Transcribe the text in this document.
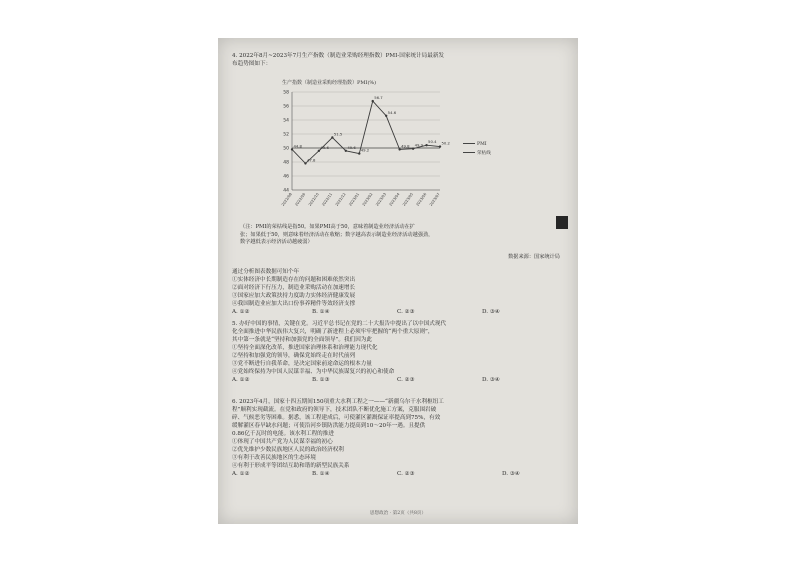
4. 2022年8月~2023年7月生产指数（制造业采购经理指数）PMI-国家统计局最新发
布趋势图如下：
生产指数（制造业采购经理指数）PMI(%)
44
46
48
50
52
54
56
58
2022/08 2022/09 2022/10 2022/11 2022/12 2023/01 2023/02 2023/03 2023/04 2023/05 2023/06 2023/07
44.8
47.8
49.6
51.5
49.6
49.2
56.7
54.6
49.8 49.9
50.4 50.2	PMI
荣枯线
（注：PMI的荣枯线是指50。如果PMI高于50，意味着制造业经济活动在扩
张；如果低于50，则意味着经济活动在收缩；数字越高表示制造业经济活动越强劲，
数字越低表示经济活动越疲弱）
数据来源：国家统计局
通过分析图表数据可知个年
①实体经济中长期制造存在的问题和困难依然突出
②面对经济下行压力，制造业采购活动在加速增长
③国家应加大政策扶持力度助力实体经济健康发展
④我国制造业应加大出口份事养精件等效经济支撑
A. ①②	B. ①④	C. ②③	D. ③④
5. 办好中国的事情，关键在党。习近平总书记在党的二十大报告中提出了以中国式现代
化全面推进中华民族伟大复兴，明确了新进程上必须牢牢把握的“两个重大原则”，
其中第一条就是“坚持和加强党的全面领导”。我们因为此
①坚持全面深化改革，推进国家治理体系和治理能力现代化
②坚持和加强党的领导，确保党始终走在时代前列
③党不断进行自我革命，是决定国家前途命运的根本力量
④党始终保持为中国人民谋幸福、为中华民族谋复兴的初心和使命
A. ①②	B. ①③	C. ②③	D. ③④
6. 2023年4月，国家十四五期间150项重大水利工程之一——“新疆乌尔干水利枢纽工
程”顺利实现截流。在党和政府的领导下，技术团队不断优化施工方案，克服围岩破
碎、气候恶劣等困难。据悉，该工程建成后，可使灌区灌溉保证率提高到75%，有效
缓解灌区春旱缺水问题；可使沿河乡镇防洪能力提高到10～20年一遇。且提供
0.86亿千瓦时的电能。该水利工程的推进
①体现了中国共产党为人民谋幸福的初心
②优先维护少数民族地区人民的政治经济权利
③有利于改善民族地区的生态环境
④有利于形成平等团结互助和谐的新型民族关系
A. ①②	B. ①④	C. ②③	D. ③④
思想政治 · 第2页（共8页）
